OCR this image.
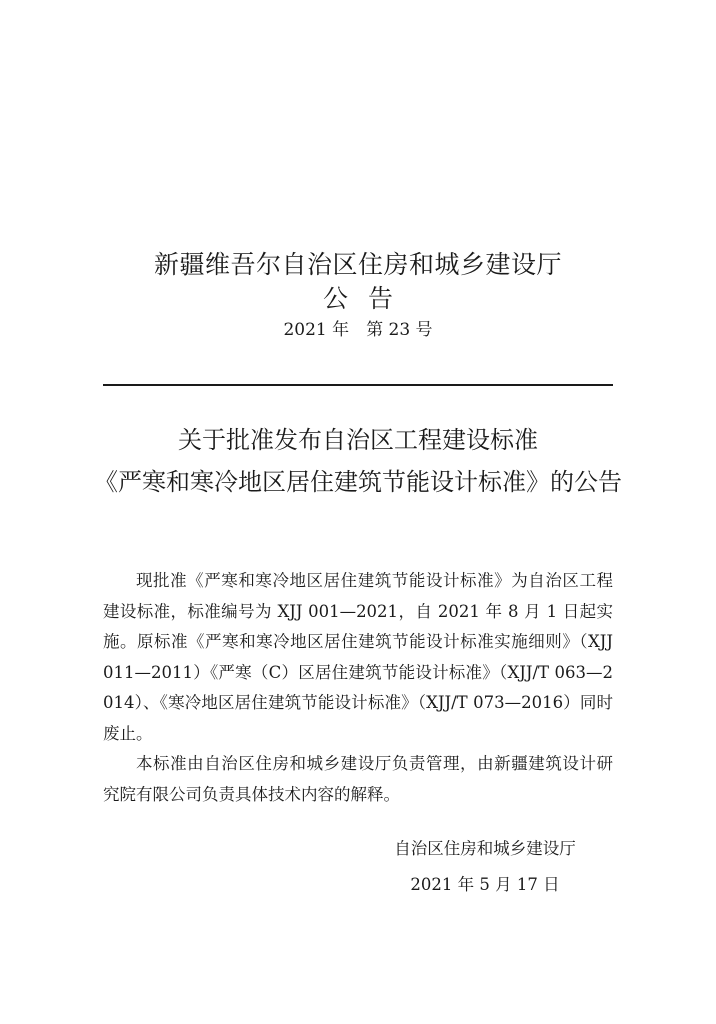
新疆维吾尔自治区住房和城乡建设厅
公告
2021 年　第 23 号
关于批准发布自治区工程建设标准
《严寒和寒冷地区居住建筑节能设计标准》的公告

现批准《严寒和寒冷地区居住建筑节能设计标准》为自治区工程建设标准，标准编号为 XJJ 001—2021，自 2021 年 8 月 1 日起实施。原标准《严寒和寒冷地区居住建筑节能设计标准实施细则》（XJJ 011—2011）《严寒（C）区居住建筑节能设计标准》（XJJ/T 063—2014）、《寒冷地区居住建筑节能设计标准》（XJJ/T 073—2016）同时废止。

本标准由自治区住房和城乡建设厅负责管理，由新疆建筑设计研究院有限公司负责具体技术内容的解释。

自治区住房和城乡建设厅
2021 年 5 月 17 日
